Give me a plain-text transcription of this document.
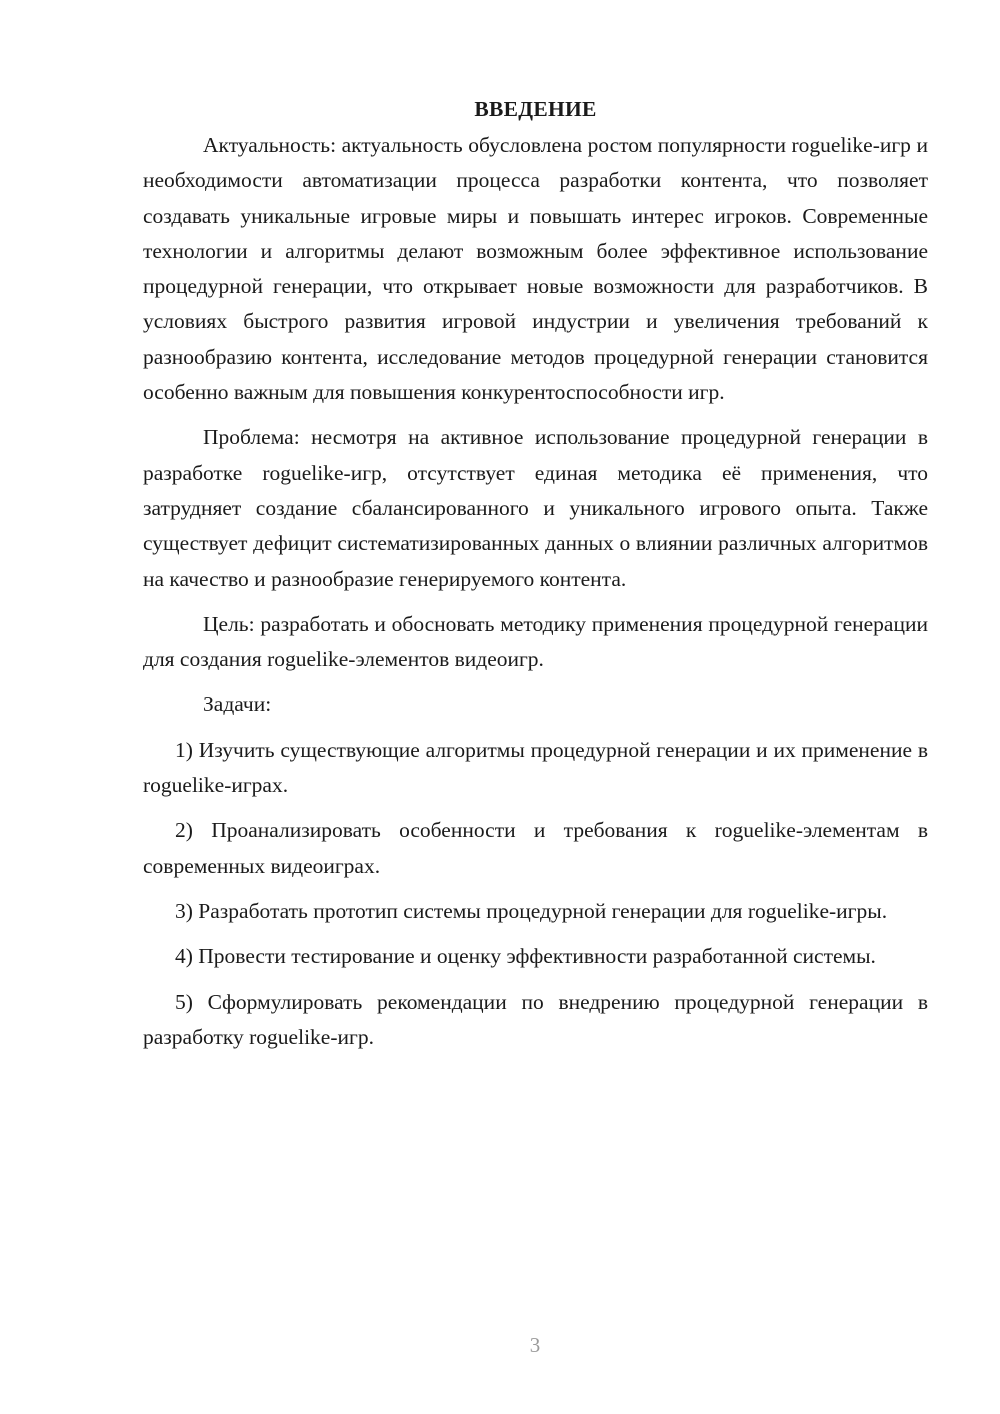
ВВЕДЕНИЕ

Актуальность: актуальность обусловлена ростом популярности roguelike-игр и необходимости автоматизации процесса разработки контента, что позволяет создавать уникальные игровые миры и повышать интерес игроков. Современные технологии и алгоритмы делают возможным более эффективное использование процедурной генерации, что открывает новые возможности для разработчиков. В условиях быстрого развития игровой индустрии и увеличения требований к разнообразию контента, исследование методов процедурной генерации становится особенно важным для повышения конкурентоспособности игр.

Проблема: несмотря на активное использование процедурной генерации в разработке roguelike-игр, отсутствует единая методика её применения, что затрудняет создание сбалансированного и уникального игрового опыта. Также существует дефицит систематизированных данных о влиянии различных алгоритмов на качество и разнообразие генерируемого контента.

Цель: разработать и обосновать методику применения процедурной генерации для создания roguelike-элементов видеоигр.

Задачи:

1) Изучить существующие алгоритмы процедурной генерации и их применение в roguelike-играх.

2) Проанализировать особенности и требования к roguelike-элементам в современных видеоиграх.

3) Разработать прототип системы процедурной генерации для roguelike-игры.

4) Провести тестирование и оценку эффективности разработанной системы.

5) Сформулировать рекомендации по внедрению процедурной генерации в разработку roguelike-игр.

3
